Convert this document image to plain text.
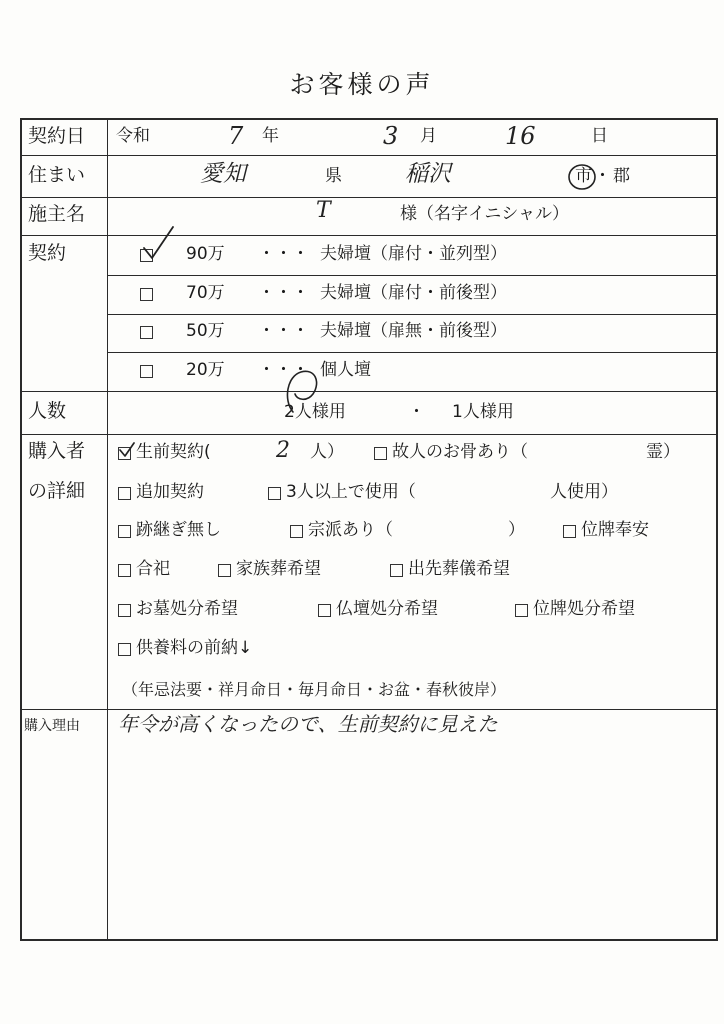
お客様の声
契約日 令和	7 年	3 月	16	日
住まい	愛知	県	稲沢	市 ・ 郡
施主名	T	様（名字イニシャル）
契約	90万 ・・・ 夫婦壇（扉付・並列型）
70万 ・・・ 夫婦壇（扉付・前後型）
50万 ・・・ 夫婦壇（扉無・前後型）
20万 ・・・ 個人壇
人数	2人様用	・ 1人様用
購入者
の詳細
生前契約(	2 人）	故人のお骨あり（	霊）
追加契約	3人以上で使用（	人使用）
跡継ぎ無し	宗派あり（	）	位牌奉安
合祀	家族葬希望	出先葬儀希望
お墓処分希望	仏壇処分希望	位牌処分希望
供養料の前納↓
（年忌法要・祥月命日・毎月命日・お盆・春秋彼岸）
購入理由 年令が高くなったので、生前契約に見えた
